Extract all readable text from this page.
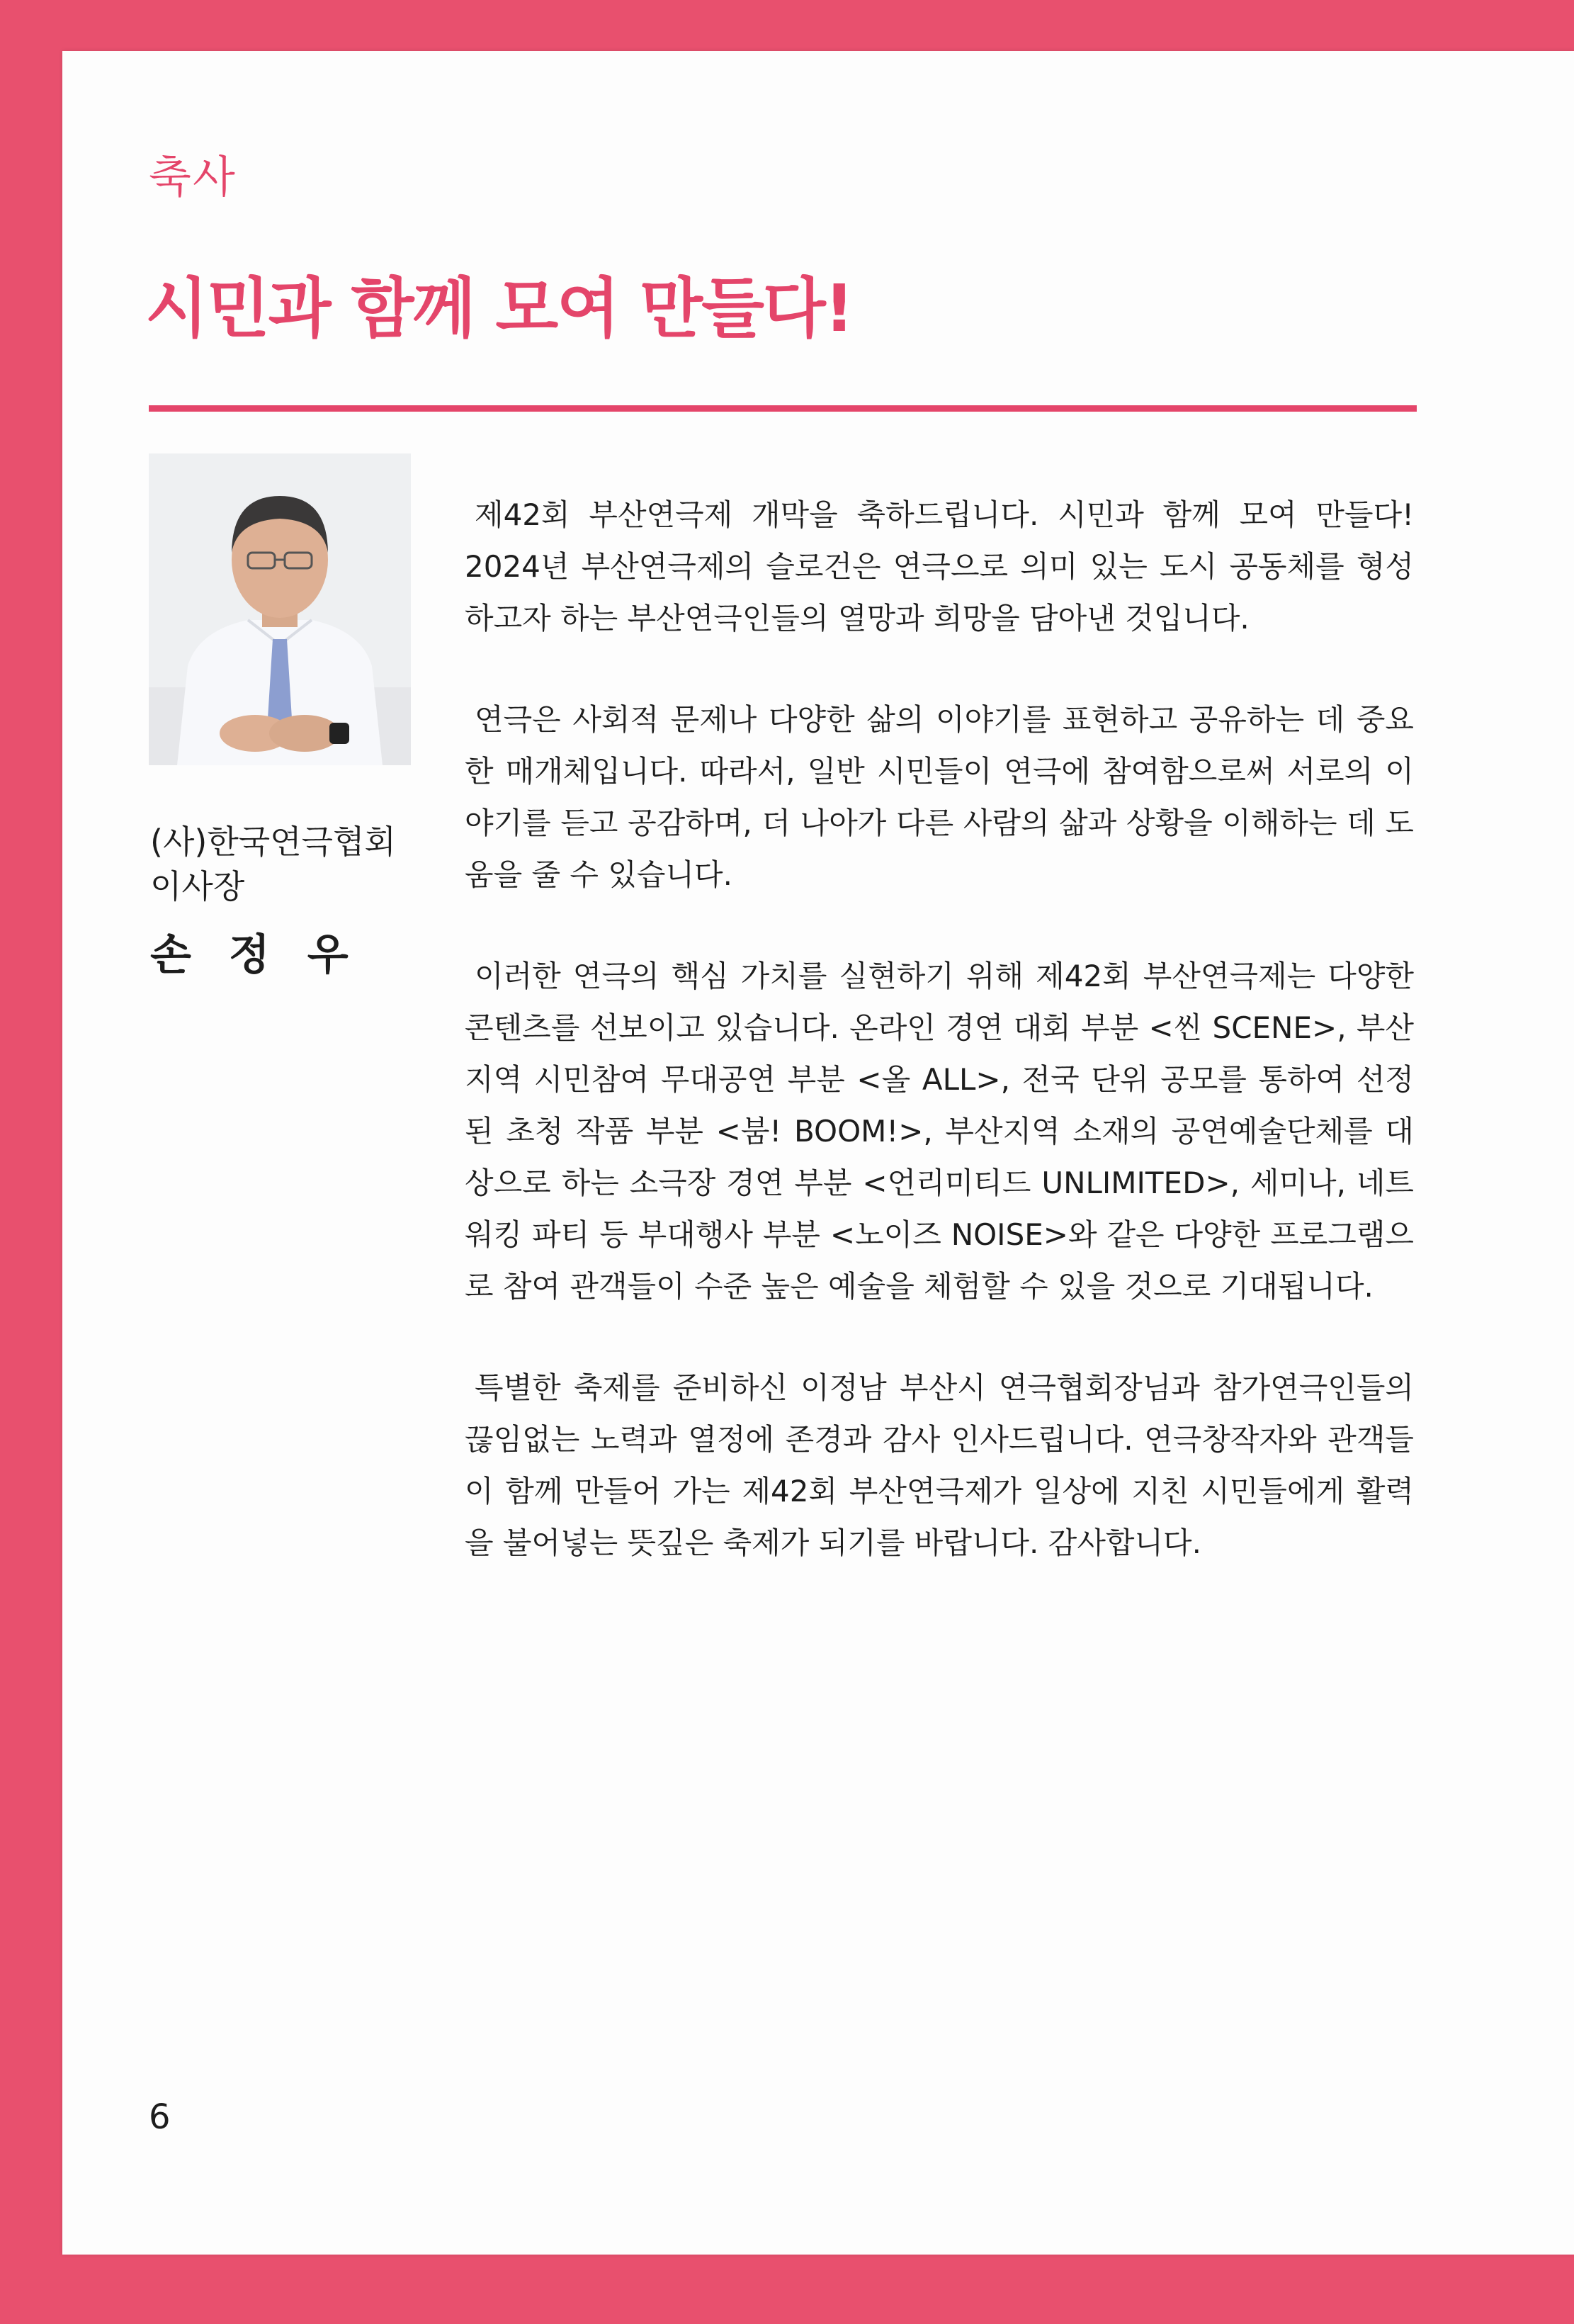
축사
시민과 함께 모여 만들다!
(사)한국연극협회
이사장
손 정 우

제42회 부산연극제 개막을 축하드립니다. 시민과 함께 모여 만들다! 2024년 부산연극제의 슬로건은 연극으로 의미 있는 도시 공동체를 형성하고자 하는 부산연극인들의 열망과 희망을 담아낸 것입니다.

연극은 사회적 문제나 다양한 삶의 이야기를 표현하고 공유하는 데 중요한 매개체입니다. 따라서, 일반 시민들이 연극에 참여함으로써 서로의 이야기를 듣고 공감하며, 더 나아가 다른 사람의 삶과 상황을 이해하는 데 도움을 줄 수 있습니다.

이러한 연극의 핵심 가치를 실현하기 위해 제42회 부산연극제는 다양한 콘텐츠를 선보이고 있습니다. 온라인 경연 대회 부분 <씬 SCENE>, 부산지역 시민참여 무대공연 부분 <올 ALL>, 전국 단위 공모를 통하여 선정된 초청 작품 부분 <붐! BOOM!>, 부산지역 소재의 공연예술단체를 대상으로 하는 소극장 경연 부분 <언리미티드 UNLIMITED>, 세미나, 네트워킹 파티 등 부대행사 부분 <노이즈 NOISE>와 같은 다양한 프로그램으로 참여 관객들이 수준 높은 예술을 체험할 수 있을 것으로 기대됩니다.

특별한 축제를 준비하신 이정남 부산시 연극협회장님과 참가연극인들의 끊임없는 노력과 열정에 존경과 감사 인사드립니다. 연극창작자와 관객들이 함께 만들어 가는 제42회 부산연극제가 일상에 지친 시민들에게 활력을 불어넣는 뜻깊은 축제가 되기를 바랍니다. 감사합니다.

6
